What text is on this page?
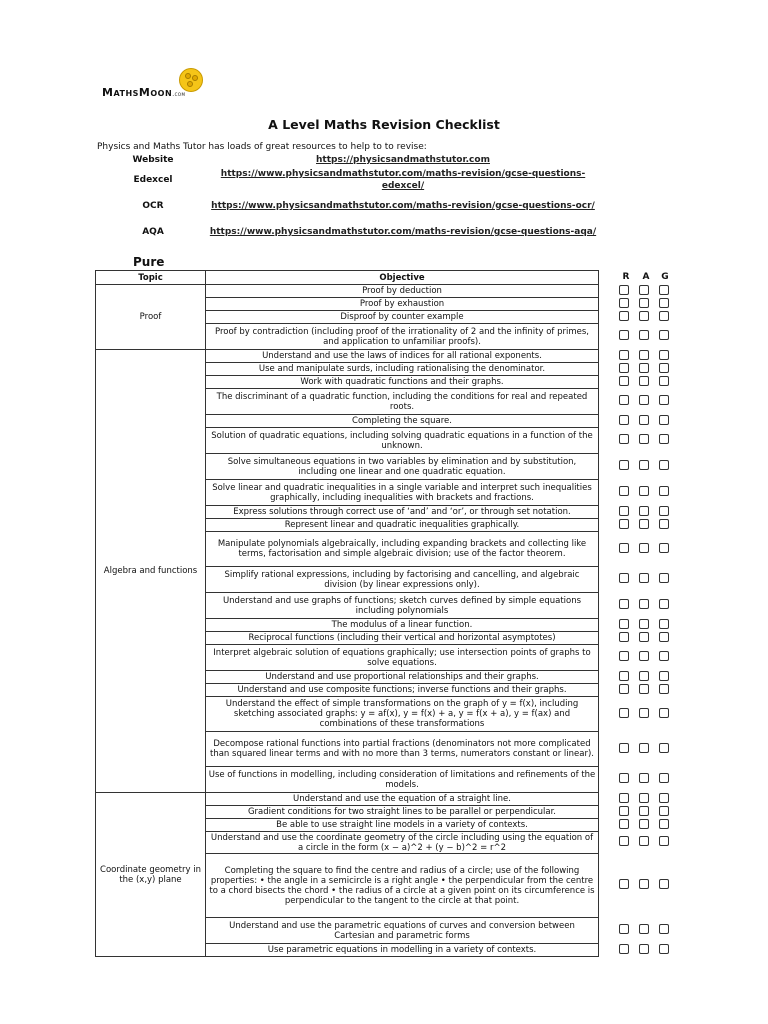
MathsMoon.com
A Level Maths Revision Checklist
Physics and Maths Tutor has loads of great resources to help to to revise:
Website	https://physicsandmathstutor.com
Edexcel	https://www.physicsandmathstutor.com/maths-revision/gcse-questions-edexcel/
OCR	https://www.physicsandmathstutor.com/maths-revision/gcse-questions-ocr/
AQA	https://www.physicsandmathstutor.com/maths-revision/gcse-questions-aqa/
Pure
R A G
Topic	Objective
Proof	Proof by deduction
	Proof by exhaustion
	Disproof by counter example
	Proof by contradiction (including proof of the irrationality of 2 and the infinity of primes, and application to unfamiliar proofs).
Algebra and functions	Understand and use the laws of indices for all rational exponents.
	Use and manipulate surds, including rationalising the denominator.
	Work with quadratic functions and their graphs.
	The discriminant of a quadratic function, including the conditions for real and repeated roots.
	Completing the square.
	Solution of quadratic equations, including solving quadratic equations in a function of the unknown.
	Solve simultaneous equations in two variables by elimination and by substitution, including one linear and one quadratic equation.
	Solve linear and quadratic inequalities in a single variable and interpret such inequalities graphically, including inequalities with brackets and fractions.
	Express solutions through correct use of ‘and’ and ‘or’, or through set notation.
	Represent linear and quadratic inequalities graphically.
	Manipulate polynomials algebraically, including expanding brackets and collecting like terms, factorisation and simple algebraic division; use of the factor theorem.
	Simplify rational expressions, including by factorising and cancelling, and algebraic division (by linear expressions only).
	Understand and use graphs of functions; sketch curves defined by simple equations including polynomials
	The modulus of a linear function.
	Reciprocal functions (including their vertical and horizontal asymptotes)
	Interpret algebraic solution of equations graphically; use intersection points of graphs to solve equations.
	Understand and use proportional relationships and their graphs.
	Understand and use composite functions; inverse functions and their graphs.
	Understand the effect of simple transformations on the graph of y = f(x), including sketching associated graphs: y = af(x), y = f(x) + a, y = f(x + a), y = f(ax) and combinations of these transformations
	Decompose rational functions into partial fractions (denominators not more complicated than squared linear terms and with no more than 3 terms, numerators constant or linear).
	Use of functions in modelling, including consideration of limitations and refinements of the models.
Coordinate geometry in the (x,y) plane	Understand and use the equation of a straight line.
	Gradient conditions for two straight lines to be parallel or perpendicular.
	Be able to use straight line models in a variety of contexts.
	Understand and use the coordinate geometry of the circle including using the equation of a circle in the form (x − a)^2 + (y − b)^2 = r^2
	Completing the square to find the centre and radius of a circle; use of the following properties: • the angle in a semicircle is a right angle • the perpendicular from the centre to a chord bisects the chord • the radius of a circle at a given point on its circumference is perpendicular to the tangent to the circle at that point.
	Understand and use the parametric equations of curves and conversion between Cartesian and parametric forms
	Use parametric equations in modelling in a variety of contexts.
